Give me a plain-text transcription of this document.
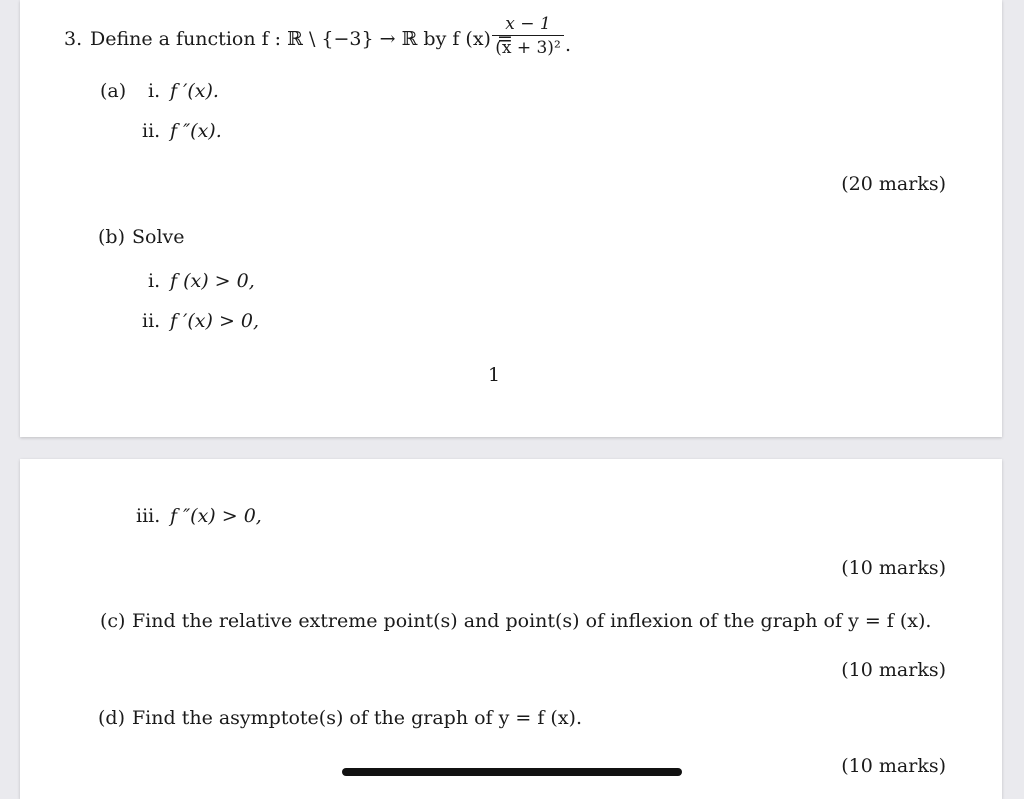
3. Define a function f : ℝ \ {−3} → ℝ by f (x) =
x − 1
(x + 3)² .
(a) i. f ′(x).
ii. f ″(x).
(20 marks)
(b) Solve
i. f (x) > 0,
ii. f ′(x) > 0,
1
iii. f ″(x) > 0,
(10 marks)
(c) Find the relative extreme point(s) and point(s) of inflexion of the graph of y = f (x).
(10 marks)
(d) Find the asymptote(s) of the graph of y = f (x).
(10 marks)
